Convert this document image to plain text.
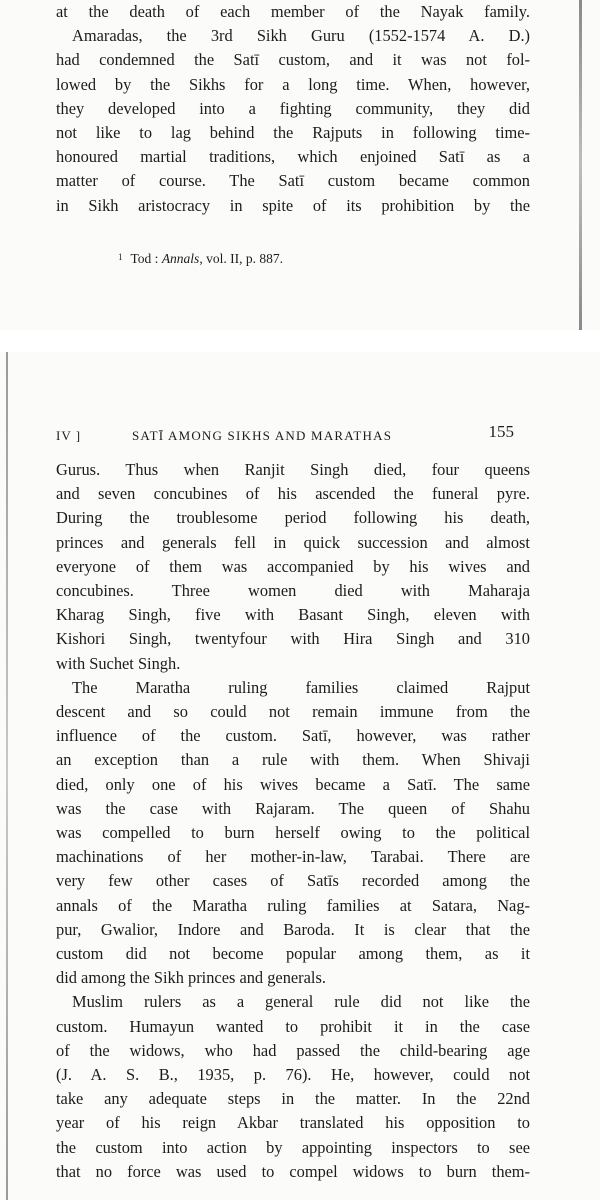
at the death of each member of the Nayak family.
Amaradas, the 3rd Sikh Guru (1552-1574 A. D.)
had condemned the Satī custom, and it was not fol-
lowed by the Sikhs for a long time. When, however,
they developed into a fighting community, they did
not like to lag behind the Rajputs in following time-
honoured martial traditions, which enjoined Satī as a
matter of course. The Satī custom became common
in Sikh aristocracy in spite of its prohibition by the
$^1$ Tod : Annals, vol. II, p. 887.
IV ]	SATĪ AMONG SIKHS AND MARATHAS	155
Gurus. Thus when Ranjit Singh died, four queens
and seven concubines of his ascended the funeral pyre.
During the troublesome period following his death,
princes and generals fell in quick succession and almost
everyone of them was accompanied by his wives and
concubines. Three women died with Maharaja
Kharag Singh, five with Basant Singh, eleven with
Kishori Singh, twentyfour with Hira Singh and 310
with Suchet Singh.
The Maratha ruling families claimed Rajput
descent and so could not remain immune from the
influence of the custom. Satī, however, was rather
an exception than a rule with them. When Shivaji
died, only one of his wives became a Satī. The same
was the case with Rajaram. The queen of Shahu
was compelled to burn herself owing to the political
machinations of her mother-in-law, Tarabai. There are
very few other cases of Satīs recorded among the
annals of the Maratha ruling families at Satara, Nag-
pur, Gwalior, Indore and Baroda. It is clear that the
custom did not become popular among them, as it
did among the Sikh princes and generals.
Muslim rulers as a general rule did not like the
custom. Humayun wanted to prohibit it in the case
of the widows, who had passed the child-bearing age
(J. A. S. B., 1935, p. 76). He, however, could not
take any adequate steps in the matter. In the 22nd
year of his reign Akbar translated his opposition to
the custom into action by appointing inspectors to see
that no force was used to compel widows to burn them-
